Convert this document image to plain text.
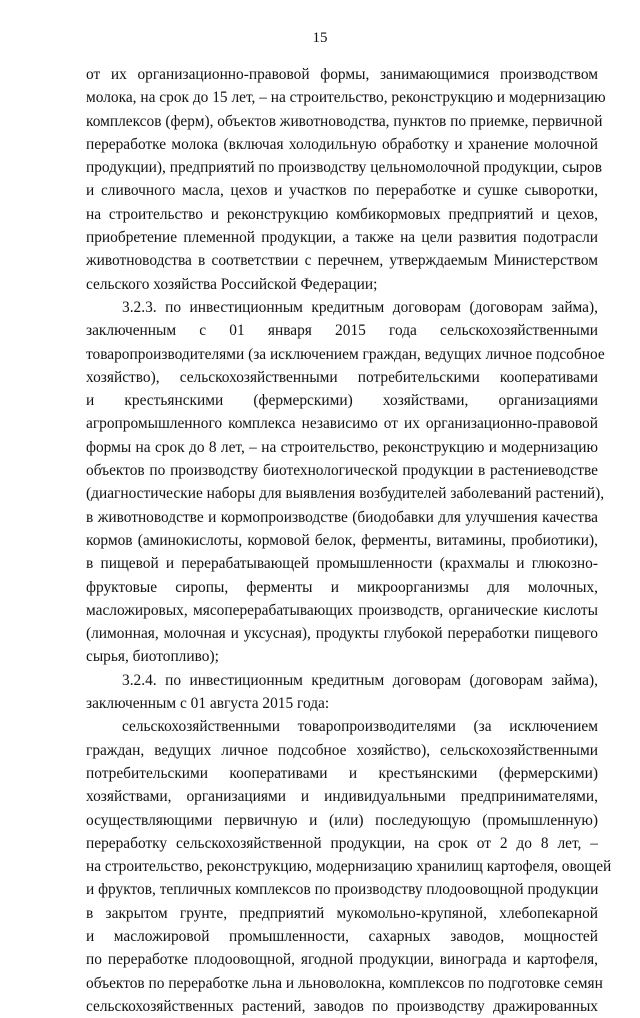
15
от их организационно-правовой формы, занимающимися производством
молока, на срок до 15 лет, – на строительство, реконструкцию и модернизацию
комплексов (ферм), объектов животноводства, пунктов по приемке, первичной
переработке молока (включая холодильную обработку и хранение молочной
продукции), предприятий по производству цельномолочной продукции, сыров
и сливочного масла, цехов и участков по переработке и сушке сыворотки,
на строительство и реконструкцию комбикормовых предприятий и цехов,
приобретение племенной продукции, а также на цели развития подотрасли
животноводства в соответствии с перечнем, утверждаемым Министерством
сельского хозяйства Российской Федерации;
3.2.3. по инвестиционным кредитным договорам (договорам займа),
заключенным с 01 января 2015 года сельскохозяйственными
товаропроизводителями (за исключением граждан, ведущих личное подсобное
хозяйство), сельскохозяйственными потребительскими кооперативами
и крестьянскими (фермерскими) хозяйствами, организациями
агропромышленного комплекса независимо от их организационно-правовой
формы на срок до 8 лет, – на строительство, реконструкцию и модернизацию
объектов по производству биотехнологической продукции в растениеводстве
(диагностические наборы для выявления возбудителей заболеваний растений),
в животноводстве и кормопроизводстве (биодобавки для улучшения качества
кормов (аминокислоты, кормовой белок, ферменты, витамины, пробиотики),
в пищевой и перерабатывающей промышленности (крахмалы и глюкозно-
фруктовые сиропы, ферменты и микроорганизмы для молочных,
масложировых, мясоперерабатывающих производств, органические кислоты
(лимонная, молочная и уксусная), продукты глубокой переработки пищевого
сырья, биотопливо);
3.2.4. по инвестиционным кредитным договорам (договорам займа),
заключенным с 01 августа 2015 года:
сельскохозяйственными товаропроизводителями (за исключением
граждан, ведущих личное подсобное хозяйство), сельскохозяйственными
потребительскими кооперативами и крестьянскими (фермерскими)
хозяйствами, организациями и индивидуальными предпринимателями,
осуществляющими первичную и (или) последующую (промышленную)
переработку сельскохозяйственной продукции, на срок от 2 до 8 лет, –
на строительство, реконструкцию, модернизацию хранилищ картофеля, овощей
и фруктов, тепличных комплексов по производству плодоовощной продукции
в закрытом грунте, предприятий мукомольно-крупяной, хлебопекарной
и масложировой промышленности, сахарных заводов, мощностей
по переработке плодоовощной, ягодной продукции, винограда и картофеля,
объектов по переработке льна и льноволокна, комплексов по подготовке семян
сельскохозяйственных растений, заводов по производству дражированных
